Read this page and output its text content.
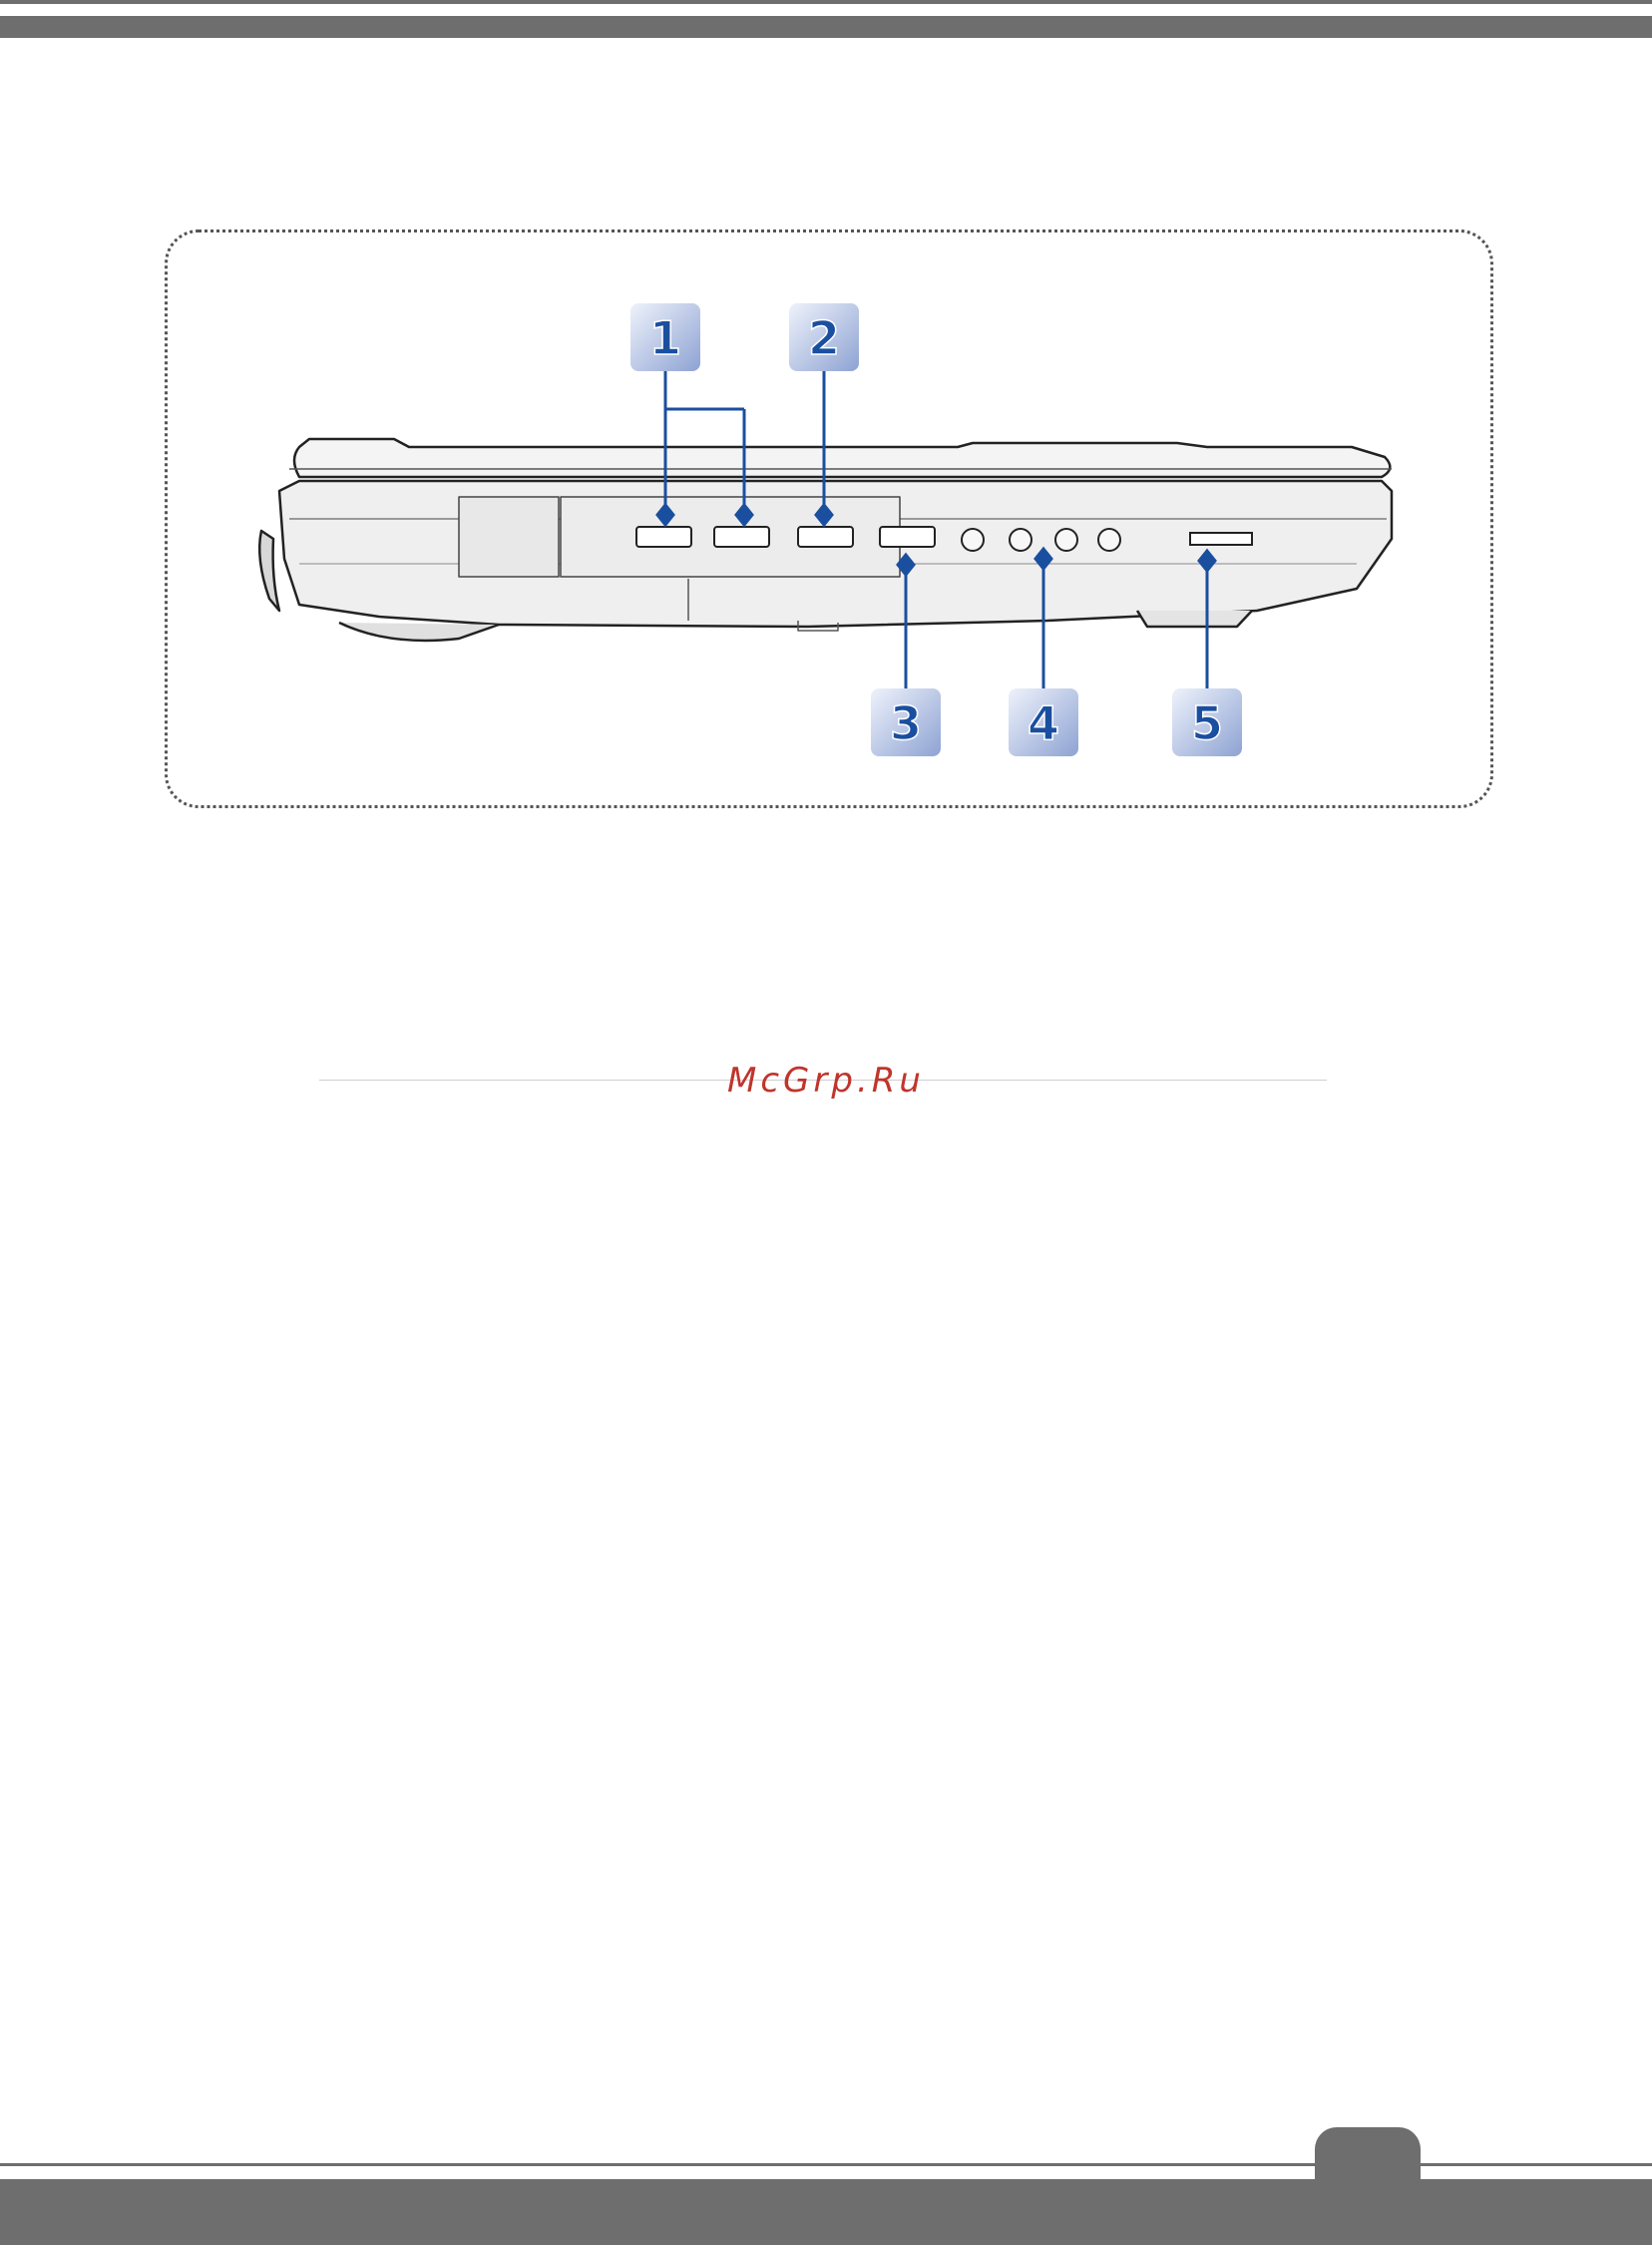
1	2
3 4	5
McGrp.Ru
